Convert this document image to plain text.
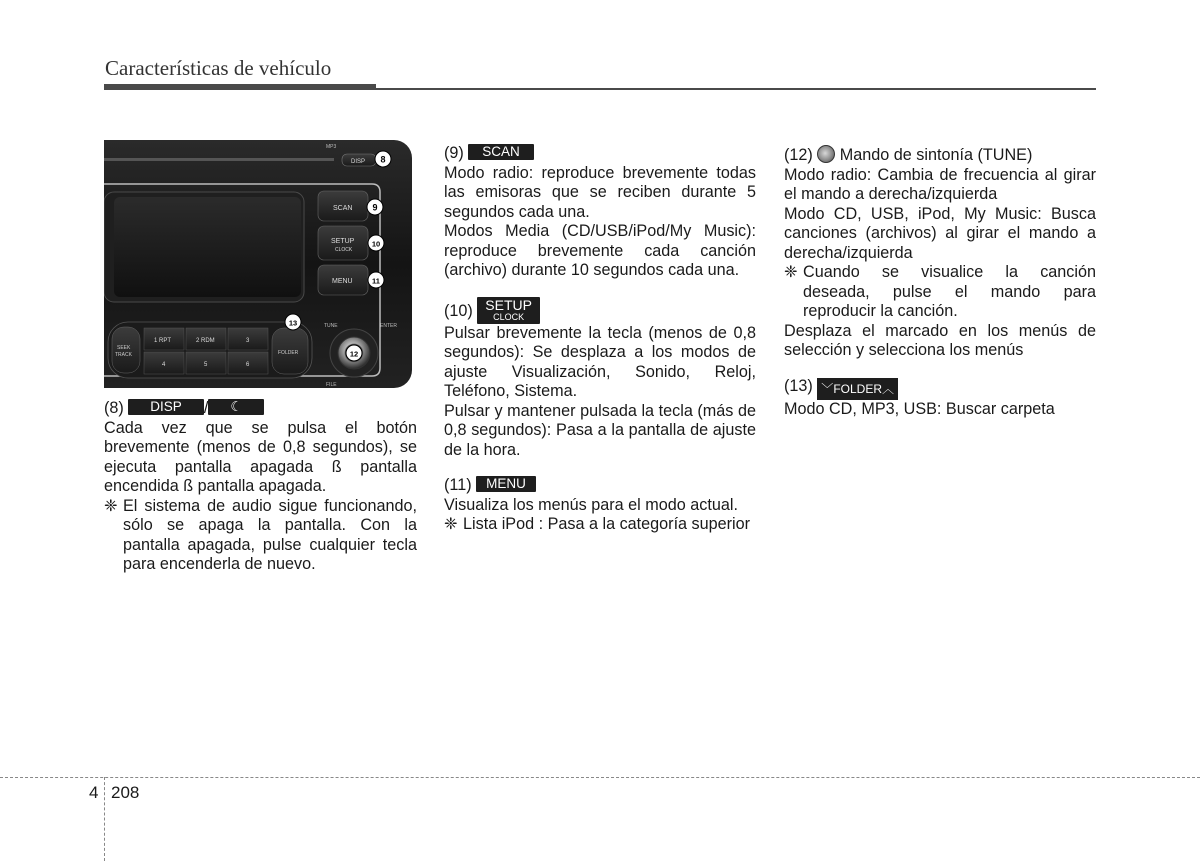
Características de vehículo
MP3
DISP
SCAN
SETUP
CLOCK
MENU
SEEK
TRACK
1 RPT	2 RDM	3
4	5	6
FOLDER
TUNE	ENTER
FILE
8
9
10
11
12
13

(8) DISP / ☾

Cada vez que se pulsa el botón brevemente (menos de 0,8 segundos), se ejecuta pantalla apagada ß pantalla encendida ß pantalla apagada.

❈ El sistema de audio sigue funcionando, sólo se apaga la pantalla. Con la pantalla apagada, pulse cualquier tecla para encenderla de nuevo.

(9) SCAN

Modo radio: reproduce brevemente todas las emisoras que se reciben durante 5 segundos cada una.

Modos Media (CD/USB/iPod/My Music): reproduce brevemente cada canción (archivo) durante 10 segundos cada una.

(10) SETUP
CLOCK

Pulsar brevemente la tecla (menos de 0,8 segundos): Se desplaza a los modos de ajuste Visualización, Sonido, Reloj, Teléfono, Sistema.

Pulsar y mantener pulsada la tecla (más de 0,8 segundos): Pasa a la pantalla de ajuste de la hora.

(11) MENU

Visualiza los menús para el modo actual.

❈ Lista iPod : Pasa a la categoría superior

(12) Mando de sintonía (TUNE)

Modo radio: Cambia de frecuencia al girar el mando a derecha/izquierda

Modo CD, USB, iPod, My Music: Busca canciones (archivos) al girar el mando a derecha/izquierda

❈ Cuando se visualice la canción deseada, pulse el mando para reproducir la canción.

Desplaza el marcado en los menús de selección y selecciona los menús

(13) ﹀FOLDER︿

Modo CD, MP3, USB: Buscar carpeta

4 208
